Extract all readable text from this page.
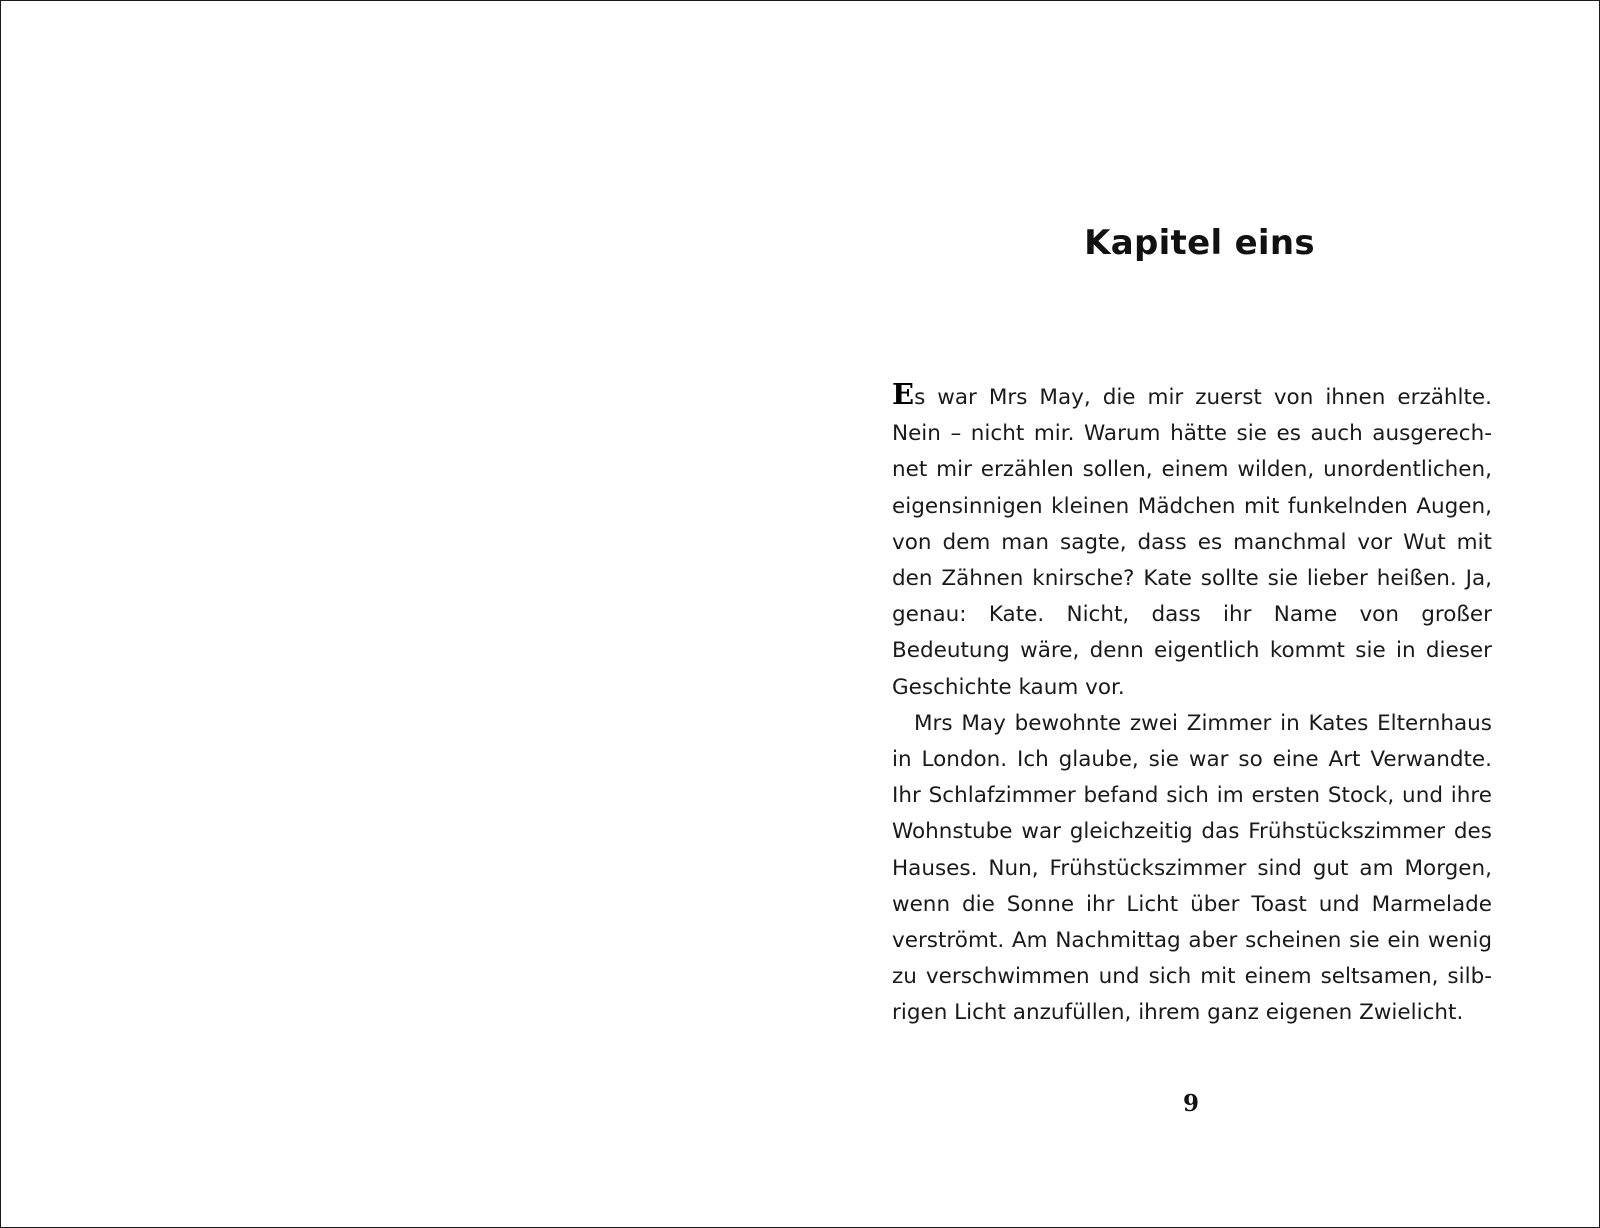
Kapitel eins

Es war Mrs May, die mir zuerst von ihnen erzählte. Nein – nicht mir. Warum hätte sie es auch ausgerechnet mir erzählen sollen, einem wilden, unordentlichen, eigensinnigen kleinen Mädchen mit funkelnden Augen, von dem man sagte, dass es manchmal vor Wut mit den Zähnen knirsche? Kate sollte sie lieber heißen. Ja, genau: Kate. Nicht, dass ihr Name von großer Bedeutung wäre, denn eigentlich kommt sie in dieser Geschichte kaum vor.

Mrs May bewohnte zwei Zimmer in Kates Elternhaus in London. Ich glaube, sie war so eine Art Verwandte. Ihr Schlafzimmer befand sich im ersten Stock, und ihre Wohnstube war gleichzeitig das Frühstückszimmer des Hauses. Nun, Frühstückszimmer sind gut am Morgen, wenn die Sonne ihr Licht über Toast und Marmelade verströmt. Am Nachmittag aber scheinen sie ein wenig zu verschwimmen und sich mit einem seltsamen, silbrigen Licht anzufüllen, ihrem ganz eigenen Zwielicht.

9
